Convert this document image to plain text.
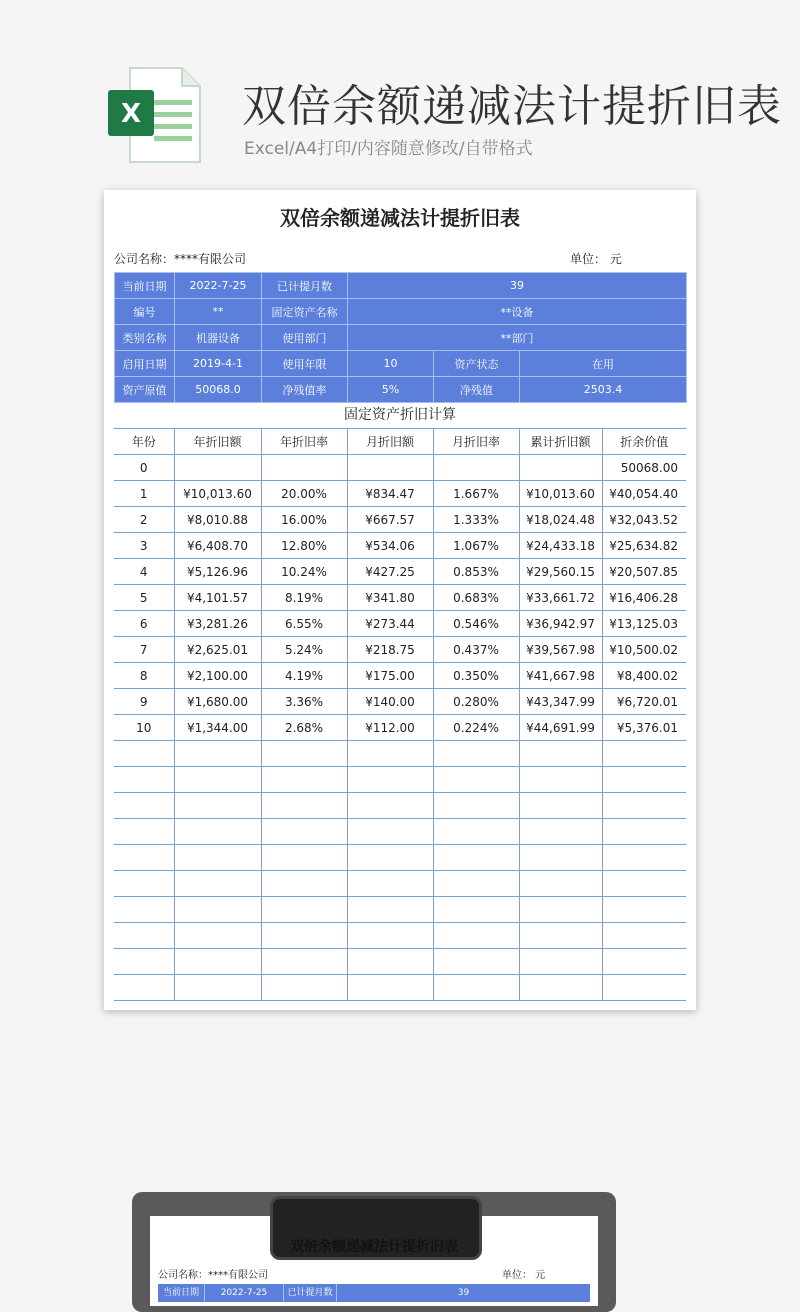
X 双倍余额递减法计提折旧表
Excel/A4打印/内容随意修改/自带格式
双倍余额递减法计提折旧表
公司名称：****有限公司	单位： 元
当前日期	2022-7-25	已计提月数	39		
编号	**	固定资产名称	**设备		
类别名称	机器设备	使用部门	**部门		
启用日期	2019-4-1	使用年限	10	资产状态	在用
资产原值	50068.0	净残值率	5%	净残值	2503.4
固定资产折旧计算
年份	年折旧额	年折旧率	月折旧额	月折旧率	累计折旧额	折余价值
0						50068.00
1	¥10,013.60	20.00%	¥834.47	1.667%	¥10,013.60	¥40,054.40
2	¥8,010.88	16.00%	¥667.57	1.333%	¥18,024.48	¥32,043.52
3	¥6,408.70	12.80%	¥534.06	1.067%	¥24,433.18	¥25,634.82
4	¥5,126.96	10.24%	¥427.25	0.853%	¥29,560.15	¥20,507.85
5	¥4,101.57	8.19%	¥341.80	0.683%	¥33,661.72	¥16,406.28
6	¥3,281.26	6.55%	¥273.44	0.546%	¥36,942.97	¥13,125.03
7	¥2,625.01	5.24%	¥218.75	0.437%	¥39,567.98	¥10,500.02
8	¥2,100.00	4.19%	¥175.00	0.350%	¥41,667.98	¥8,400.02
9	¥1,680.00	3.36%	¥140.00	0.280%	¥43,347.99	¥6,720.01
10	¥1,344.00	2.68%	¥112.00	0.224%	¥44,691.99	¥5,376.01

双倍余额递减法计提折旧表
公司名称：****有限公司	单位： 元
当前日期	2022-7-25	已计提月数	39
